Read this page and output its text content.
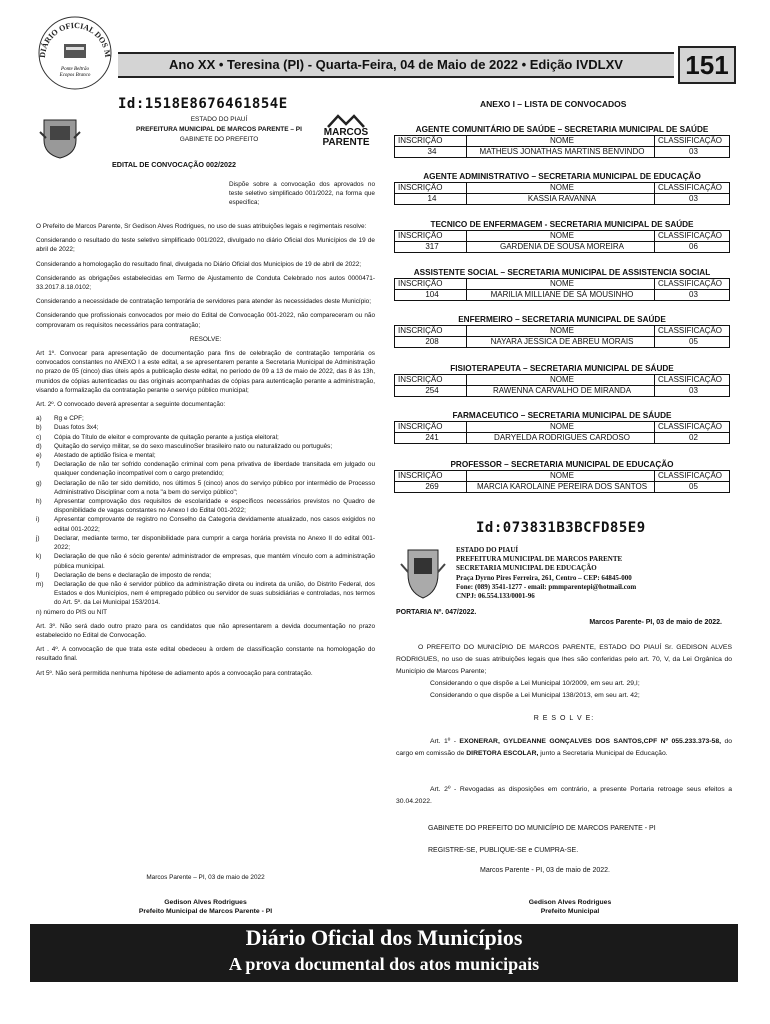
DIÁRIO OFICIAL DOS M
Ponte Beltrão
Ecopos Branco
Ano XX • Teresina (PI) - Quarta-Feira, 04 de Maio de 2022 • Edição IVDLXV	151
Id:1518E8676461854E
ESTADO DO PIAUÍ
PREFEITURA MUNICIPAL DE MARCOS PARENTE – PI
GABINETE DO PREFEITO
MARCOS
PARENTE
EDITAL DE CONVOCAÇÃO 002/2022
Dispõe sobre a convocação dos aprovados no teste seletivo simplificado 001/2022, na forma que especifica;

O Prefeito de Marcos Parente, Sr Gedison Alves Rodrigues, no uso de suas atribuições legais e regimentais resolve:

Considerando o resultado do teste seletivo simplificado 001/2022, divulgado no diário Oficial dos Municípios de 19 de abril de 2022;

Considerando a homologação do resultado final, divulgada no Diário Oficial dos Municípios de 19 de abril de 2022;

Considerando as obrigações estabelecidas em Termo de Ajustamento de Conduta Celebrado nos autos 0000471-33.2017.8.18.0102;

Considerando a necessidade de contratação temporária de servidores para atender às necessidades deste Município;

Considerando que profissionais convocados por meio do Edital de Convocação 001-2022, não compareceram ou não comprovaram os requisitos necessários para contratação;

RESOLVE:

Art 1º. Convocar para apresentação de documentação para fins de celebração de contratação temporária os convocados constantes no ANEXO I a este edital, a se apresentarem perante a Secretaria Municipal de Administração no prazo de 05 (cinco) dias úteis após a publicação deste edital, no período de 09 a 13 de maio de 2022, das 8 às 13h, munidos de cópias autenticadas ou das originais acompanhadas de cópias para autenticação perante a administração, visando a formalização da contratação perante o serviço público municipal;

Art. 2º. O convocado deverá apresentar a seguinte documentação:

a)	Rg e CPF;
b)	Duas fotos 3x4;
c)	Cópia do Título de eleitor e comprovante de quitação perante a justiça eleitoral;
d)	Quitação do serviço militar, se do sexo masculinoSer brasileiro nato ou naturalizado ou português;
e)	Atestado de aptidão física e mental;
f)	Declaração de não ter sofrido condenação criminal com pena privativa de liberdade transitada em julgado ou qualquer condenação incompatível com o cargo pretendido;
g)	Declaração de não ter sido demitido, nos últimos 5 (cinco) anos do serviço público por intermédio de Processo Administrativo Disciplinar com a nota "a bem do serviço público";
h)	Apresentar comprovação dos requisitos de escolaridade e específicos necessários previstos no Quadro de disponibilidade de vagas constantes no Anexo I do Edital 001-2022;
i)	Apresentar comprovante de registro no Conselho da Categoria devidamente atualizado, nos casos exigidos no edital 001-2022;
j)	Declarar, mediante termo, ter disponibilidade para cumprir a carga horária prevista no Anexo II do edital 001-2022;
k)	Declaração de que não é sócio gerente/ administrador de empresas, que mantém vínculo com a administração pública municipal.
l)	Declaração de bens e declaração de imposto de renda;
m)	Declaração de que não é servidor público da administração direta ou indireta da união, do Distrito Federal, dos Estados e dos Municípios, nem é empregado público ou servidor de suas subsidiárias e controladas, nos termos do Art. 5º. da Lei Municipal 153/2014.

n) número do PIS ou NIT

Art. 3º. Não será dado outro prazo para os candidatos que não apresentarem a devida documentação no prazo estabelecido no Edital de Convocação.

Art . 4º. A convocação de que trata este edital obedeceu à ordem de classificação constante na homologação do resultado final.

Art 5º. Não será permitida nenhuma hipótese de adiamento após a convocação para contratação.

Marcos Parente – PI, 03 de maio de 2022
Gedison Alves Rodrigues
Prefeito Municipal de Marcos Parente - PI
ANEXO I – LISTA DE CONVOCADOS
AGENTE COMUNITÁRIO DE SAÚDE – SECRETARIA MUNICIPAL DE SAÚDE
INSCRIÇÃO	NOME	CLASSIFICAÇÃO
34	MATHEUS JONATHAS MARTINS BENVINDO	03
AGENTE ADMINISTRATIVO – SECRETARIA MUNICIPAL DE EDUCAÇÃO
INSCRIÇÃO	NOME	CLASSIFICAÇÃO
14	KASSIA RAVANNA	03
TECNICO DE ENFERMAGEM - SECRETARIA MUNICIPAL DE SAÚDE
INSCRIÇÃO	NOME	CLASSIFICAÇÃO
317	GARDENIA DE SOUSA MOREIRA	06
ASSISTENTE SOCIAL – SECRETARIA MUNICIPAL DE ASSISTENCIA SOCIAL
INSCRIÇÃO	NOME	CLASSIFICAÇÃO
104	MARILIA MILLIANE DE SÁ MOUSINHO	03
ENFERMEIRO – SECRETARIA MUNICIPAL DE SAÚDE
INSCRIÇÃO	NOME	CLASSIFICAÇÃO
208	NAYARA JESSICA DE ABREU MORAIS	05
FISIOTERAPEUTA – SECRETARIA MUNICIPAL DE SÁUDE
INSCRIÇÃO	NOME	CLASSIFICAÇÃO
254	RAWENNA CARVALHO DE MIRANDA	03
FARMACEUTICO – SECRETARIA MUNICIPAL DE SÁUDE
INSCRIÇÃO	NOME	CLASSIFICAÇÃO
241	DARYELDA RODRIGUES CARDOSO	02
PROFESSOR – SECRETARIA MUNICIPAL DE EDUCAÇÃO
INSCRIÇÃO	NOME	CLASSIFICAÇÃO
269	MARCIA KAROLAINE PEREIRA DOS SANTOS	05
Id:073831B3BCFD85E9
ESTADO DO PIAUÍ
PREFEITURA MUNICIPAL DE MARCOS PARENTE
SECRETARIA MUNICIPAL DE EDUCAÇÃO
Praça Dyrno Pires Ferreira, 261, Centro – CEP: 64845-000
Fone: (089) 3541-1277 - email: pmmparentepi@hotmail.com
CNPJ: 06.554.133/0001-96
PORTARIA Nº. 047/2022.
Marcos Parente- PI, 03 de maio de 2022.
O PREFEITO DO MUNICÍPIO DE MARCOS PARENTE, ESTADO DO PIAUÍ Sr. GEDISON ALVES RODRIGUES, no uso de suas atribuições legais que lhes são conferidas pelo art. 70, V, da Lei Orgânica do Município de Marcos Parente;
Considerando o que dispõe a Lei Municipal 10/2009, em seu art. 29,I;
Considerando o que dispõe a Lei Municipal 138/2013, em seu art. 42;
R E S O L V E:
Art. 1º - EXONERAR, GYLDEANNE GONÇALVES DOS SANTOS,CPF Nº 055.233.373-58, do cargo em comissão de DIRETORA ESCOLAR, junto a Secretaria Municipal de Educação.
Art. 2º - Revogadas as disposições em contrário, a presente Portaria retroage seus efeitos a 30.04.2022.
GABINETE DO PREFEITO DO MUNICÍPIO DE MARCOS PARENTE - PI
REGISTRE-SE, PUBLIQUE-SE e CUMPRA-SE.
Marcos Parente - PI, 03 de maio de 2022.
Gedison Alves Rodrigues
Prefeito Municipal
Diário Oficial dos Municípios
A prova documental dos atos municipais
